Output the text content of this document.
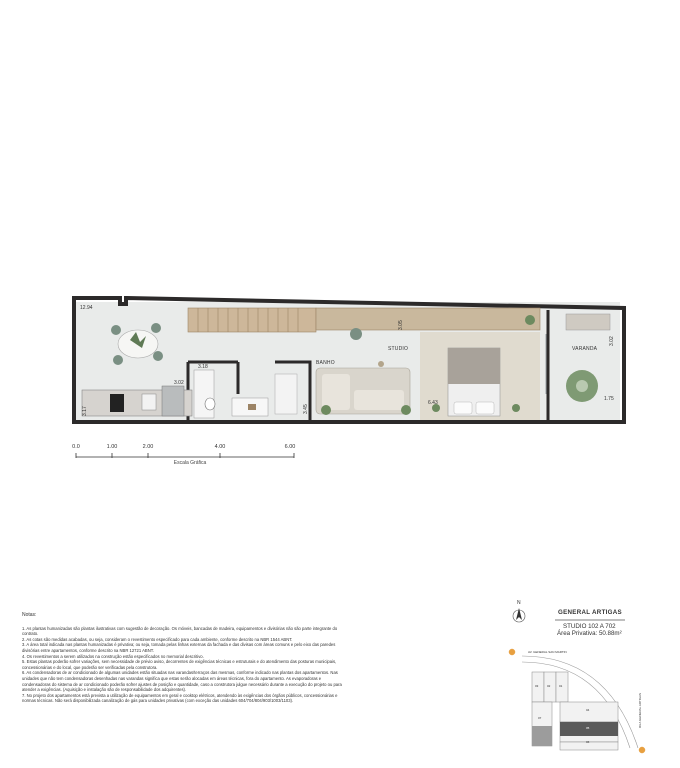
BANHO
STUDIO	VARANDA
12.94
3.17
3.02
3.18
3.05
3.45
6.43
3.02
1.75
0.0	1.00	2.00	4.00	6.00
Escala Gráfica
Notas:

1. As plantas humanizadas são plantas ilustrativas com sugestão de decoração. Os móveis, bancadas de madeira, equipamentos e divisórias não são parte integrante do contrato.

2. As cotas são medidas acabadas, ou seja, consideram o revestimento especificado para cada ambiente, conforme descrito na NBR 1544 ABNT.

3. A área total indicada nas plantas humanizadas é privativa; ou seja, tomada pelas linhas externas da fachada e das divisas com áreas comuns e pelo eixo das paredes divisórias entre apartamentos, conforme descrito na NBR 12721 ABNT.

4. Os revestimentos a serem utilizados na construção estão especificados no memorial descritivo.

5. Estas plantas poderão sofrer variações, sem necessidade de prévio aviso, decorrentes de exigências técnicas e estruturais e do atendimento das posturas municipais, concessionárias e do local, que poderão ser verificadas pela construtora.

6. As condensadoras de ar condicionado de algumas unidades estão situadas nas varandas/terraços das mesmas, conforme indicado nas plantas dos apartamentos. Nas unidades que não tem condensadoras desenhadas nas varandas significa que estas serão alocadas em áreas técnicas, fora do apartamento. As evaporadoras e condensadoras do sistema de ar condicionado poderão sofrer ajustes de posição e quantidade, caso a construtora julgue necessário durante a execução do projeto ou para atender a exigências. (Aquisição e instalação são de responsabilidade dos adquirentes).

7. No projeto dos apartamentos está prevista a utilização de equipamentos em geral e cooktop elétricos, atendendo às exigências dos órgãos públicos, concessionárias e normas técnicas. Não será disponibilizada canalização de gás para unidades privativas (com exceção das unidades 604/704/804/903/1003/1103).

GENERAL ARTIGAS
STUDIO 102 A 702
Área Privativa: 50.88m²
N
AV. GENERAL SAN MARTIN
RUA GENERAL ARTIGAS
03	02	01
04
05
06
07
